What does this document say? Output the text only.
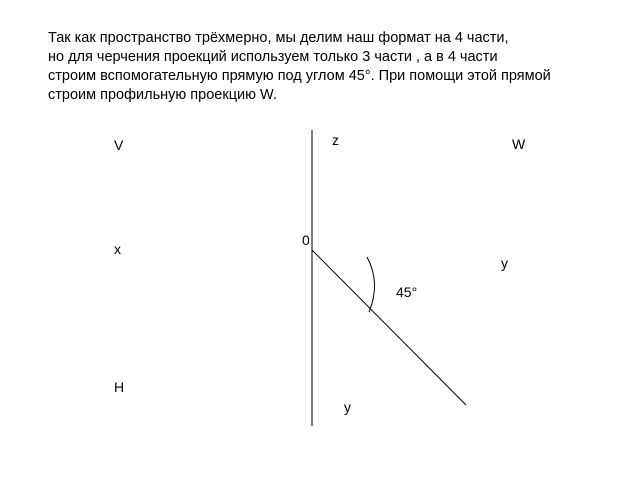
Так как пространство трёхмерно, мы делим наш формат на 4 части,
но для черчения проекций используем только 3 части , а в 4 части
строим вспомогательную прямую под углом 45°. При помощи этой прямой
строим профильную проекцию W.
z
V	W
0
x
y
45°
H
y
